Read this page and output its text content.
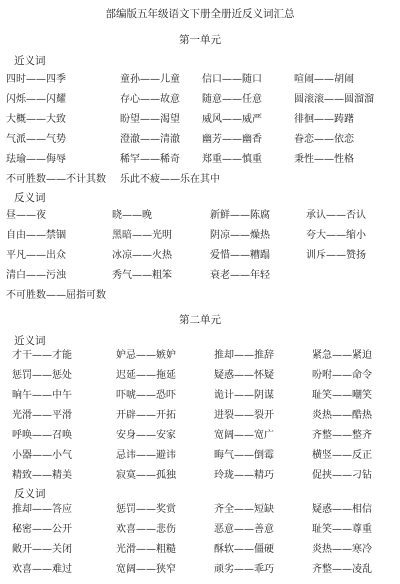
部编版五年级语文下册全册近反义词汇总
第一单元
近义词
四时——四季	童孙——儿童 信口——随口	喧闹——胡闹
闪烁——闪耀	存心——故意 随意——任意	圆滚滚——圆溜溜
大概——大致	盼望——渴望 威风——威严	徘徊——踌躇
气派——气势	澄澈——清澈 幽芳——幽香	眷恋——依恋
珐瑜——侮辱	稀罕——稀奇 郑重——慎重	秉性——性格
不可胜数——不计其数 乐此不疲——乐在其中
反义词
昼——夜	晓——晚	新鲜——陈腐	承认——否认
自由——禁锢	黑暗——光明	阴凉——燥热	夸大——缩小
平凡——出众	冰凉——火热	爱惜——糟蹋	训斥——赞扬
清白——污浊	秀气——粗笨	衰老——年轻
不可胜数——屈指可数
第二单元
近义词
才干——才能	妒忌——嫉妒	推却——推辞	紧急——紧迫
惩罚——惩处	迟延——拖延	疑惑——怀疑	吩咐——命令
晌午——中午	吓唬——恐吓	诡计——阴谋	耻笑——嘲笑
光滑——平滑	开辟——开拓	进裂——裂开	炎热——酷热
呼唤——召唤	安身——安家	宽阔——宽广	齐整——整齐
小器——小气	忌讳——避讳	晦气——倒霉	横竖——反正
精致——精美	寂寞——孤独	玲珑——精巧	促挟——刁钻
反义词
推却——答应	惩罚——奖赏	齐全——短缺	疑惑——相信
秘密——公开	欢喜——悲伤	恶意——善意	耻笑——尊重
敞开——关闭	光滑——粗糙	酥软——僵硬	炎热——寒冷
欢喜——难过	宽阔——狭窄	顽劣——乖巧	齐整——凌乱
